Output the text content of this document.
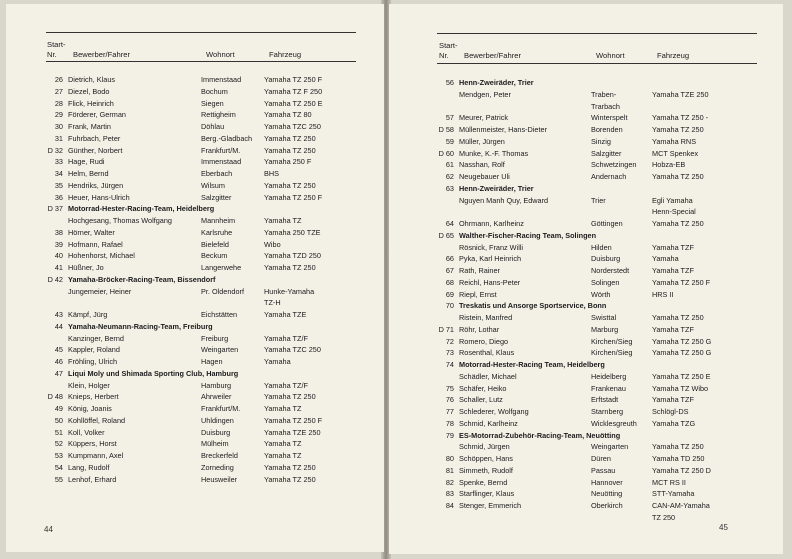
Start-
Nr. Bewerber/Fahrer	Wohnort	Fahrzeug
26	Dietrich, Klaus	Immenstaad	Yamaha TZ 250 F
27	Diezel, Bodo	Bochum	Yamaha TZ F 250
28	Flick, Heinrich	Siegen	Yamaha TZ 250 E
29	Förderer, German	Rettigheim	Yamaha TZ 80
30	Frank, Martin	Döhlau	Yamaha TZC 250
31	Fuhrbach, Peter	Berg.-Gladbach	Yamaha TZ 250
D 32	Günther, Norbert	Frankfurt/M.	Yamaha TZ 250
33	Hage, Rudi	Immenstaad	Yamaha 250 F
34	Helm, Bernd	Eberbach	BHS
35	Hendriks, Jürgen	Wilsum	Yamaha TZ 250
36	Heuer, Hans-Ulrich	Salzgitter	Yamaha TZ 250 F
D 37	Motorrad-Hester-Racing-Team, Heidelberg		
	Hochgesang, Thomas Wolfgang	Mannheim	Yamaha TZ
38	Hörner, Walter	Karlsruhe	Yamaha 250 TZE
39	Hofmann, Rafael	Bielefeld	Wibo
40	Hohenhorst, Michael	Beckum	Yamaha TZD 250
41	Hüßner, Jo	Langerwehe	Yamaha TZ 250
D 42	Yamaha-Bröcker-Racing-Team, Bissendorf		
	Jungemeier, Heiner	Pr. Oldendorf	Hunke-Yamaha
			TZ-H
43	Kämpf, Jürg	Eichstätten	Yamaha TZE
44	Yamaha-Neumann-Racing-Team, Freiburg		
	Kanzinger, Bernd	Freiburg	Yamaha TZ/F
45	Kappler, Roland	Weingarten	Yamaha TZC 250
46	Fröhling, Ulrich	Hagen	Yamaha
47	Liqui Moly und Shimada Sporting Club, Hamburg		
	Klein, Holger	Hamburg	Yamaha TZ/F
D 48	Knieps, Herbert	Ahrweiler	Yamaha TZ 250
49	König, Joanis	Frankfurt/M.	Yamaha TZ
50	Kohllöffel, Roland	Uhldingen	Yamaha TZ 250 F
51	Koll, Volker	Duisburg	Yamaha TZE 250
52	Küppers, Horst	Mülheim	Yamaha TZ
53	Kumpmann, Axel	Breckerfeld	Yamaha TZ
54	Lang, Rudolf	Zorneding	Yamaha TZ 250
55	Lenhof, Erhard	Heusweiler	Yamaha TZ 250
44
Start-
Nr. Bewerber/Fahrer	Wohnort	Fahrzeug
56	Henn-Zweiräder, Trier		
	Mendgen, Peter	Traben-	Yamaha TZE 250
		Trarbach	
57	Meurer, Patrick	Winterspelt	Yamaha TZ 250 -
D 58	Müllenmeister, Hans-Dieter	Borenden	Yamaha TZ 250
59	Müller, Jürgen	Sinzig	Yamaha RNS
D 60	Munke, K.-F. Thomas	Salzgitter	MCT Spenkex
61	Nasshan, Rolf	Schwetzingen	Hobza-EB
62	Neugebauer Uli	Andernach	Yamaha TZ 250
63	Henn-Zweiräder, Trier		
	Nguyen Manh Quy, Edward	Trier	Egli Yamaha
			Henn-Special
64	Ohrmann, Karlheinz	Göttingen	Yamaha TZ 250
D 65	Walther-Fischer-Racing Team, Solingen		
	Rösnick, Franz Willi	Hilden	Yamaha TZF
66	Pyka, Karl Heinrich	Duisburg	Yamaha
67	Rath, Rainer	Norderstedt	Yamaha TZF
68	Reichl, Hans-Peter	Solingen	Yamaha TZ 250 F
69	Riepl, Ernst	Wörth	HRS II
70	Treskatis und Ansorge Sportservice, Bonn		
	Ristein, Manfred	Swisttal	Yamaha TZ 250
D 71	Röhr, Lothar	Marburg	Yamaha TZF
72	Romero, Diego	Kirchen/Sieg	Yamaha TZ 250 G
73	Rosenthal, Klaus	Kirchen/Sieg	Yamaha TZ 250 G
74	Motorrad-Hester-Racing Team, Heidelberg		
	Schädler, Michael	Heidelberg	Yamaha TZ 250 E
75	Schäfer, Heiko	Frankenau	Yamaha TZ Wibo
76	Schaller, Lutz	Erftstadt	Yamaha TZF
77	Schlederer, Wolfgang	Starnberg	Schlögl-DS
78	Schmid, Karlheinz	Wicklesgreuth	Yamaha TZG
79	ES-Motorrad-Zubehör-Racing-Team, Neuötting		
	Schmid, Jürgen	Weingarten	Yamaha TZ 250
80	Schöppen, Hans	Düren	Yamaha TD 250
81	Simmeth, Rudolf	Passau	Yamaha TZ 250 D
82	Spenke, Bernd	Hannover	MCT RS II
83	Starflinger, Klaus	Neuötting	STT-Yamaha
84	Stenger, Emmerich	Oberkirch	CAN-AM-Yamaha
			TZ 250
45
